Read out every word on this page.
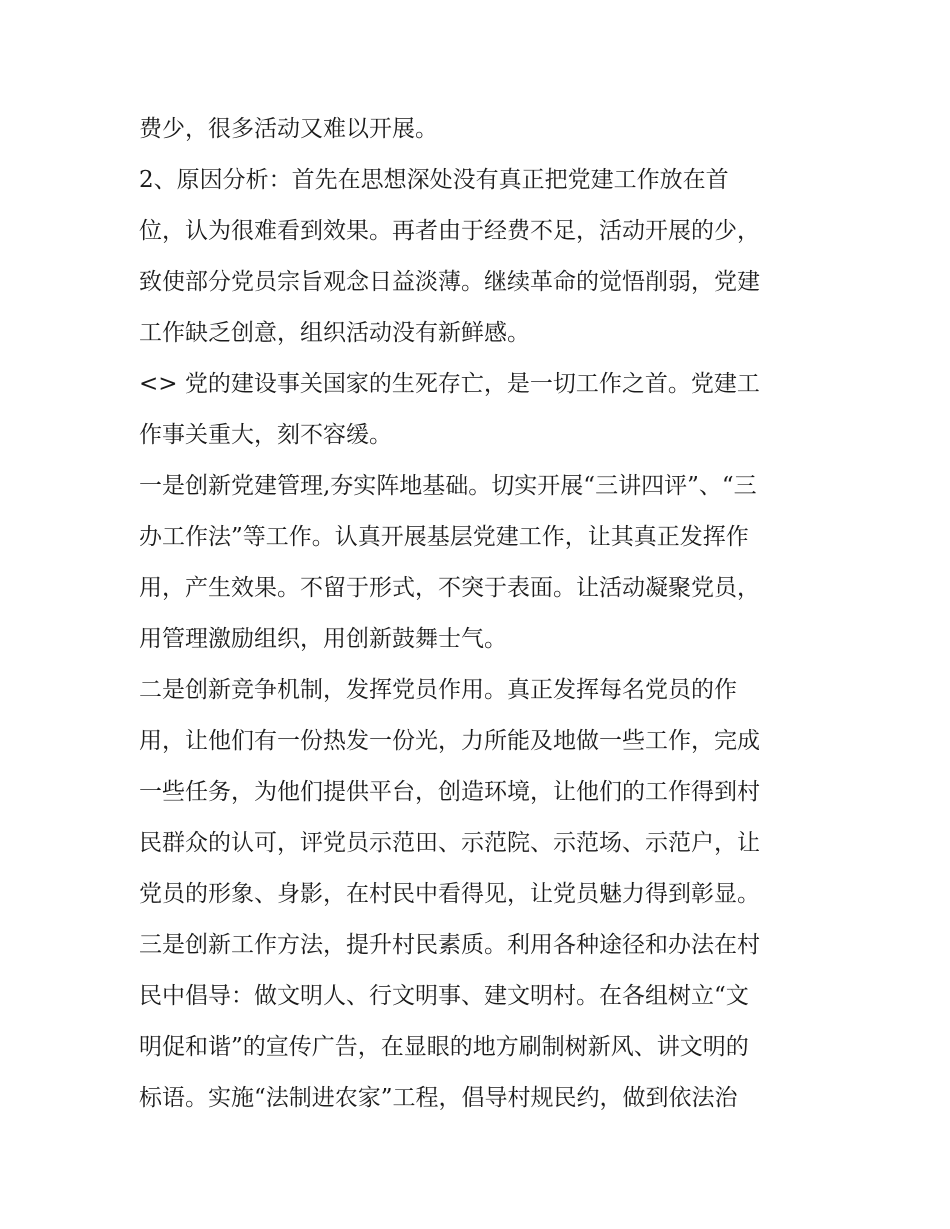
费少，很多活动又难以开展。
2、原因分析：首先在思想深处没有真正把党建工作放在首
位，认为很难看到效果。再者由于经费不足，活动开展的少，
致使部分党员宗旨观念日益淡薄。继续革命的觉悟削弱，党建
工作缺乏创意，组织活动没有新鲜感。
<> 党的建设事关国家的生死存亡，是一切工作之首。党建工
作事关重大，刻不容缓。
一是创新党建管理,夯实阵地基础。切实开展“三讲四评”、“三
办工作法”等工作。认真开展基层党建工作，让其真正发挥作
用，产生效果。不留于形式，不突于表面。让活动凝聚党员，
用管理激励组织，用创新鼓舞士气。
二是创新竞争机制，发挥党员作用。真正发挥每名党员的作
用，让他们有一份热发一份光，力所能及地做一些工作，完成
一些任务，为他们提供平台，创造环境，让他们的工作得到村
民群众的认可，评党员示范田、示范院、示范场、示范户，让
党员的形象、身影，在村民中看得见，让党员魅力得到彰显。
三是创新工作方法，提升村民素质。利用各种途径和办法在村
民中倡导：做文明人、行文明事、建文明村。在各组树立“文
明促和谐”的宣传广告，在显眼的地方刷制树新风、讲文明的
标语。实施“法制进农家”工程，倡导村规民约，做到依法治
